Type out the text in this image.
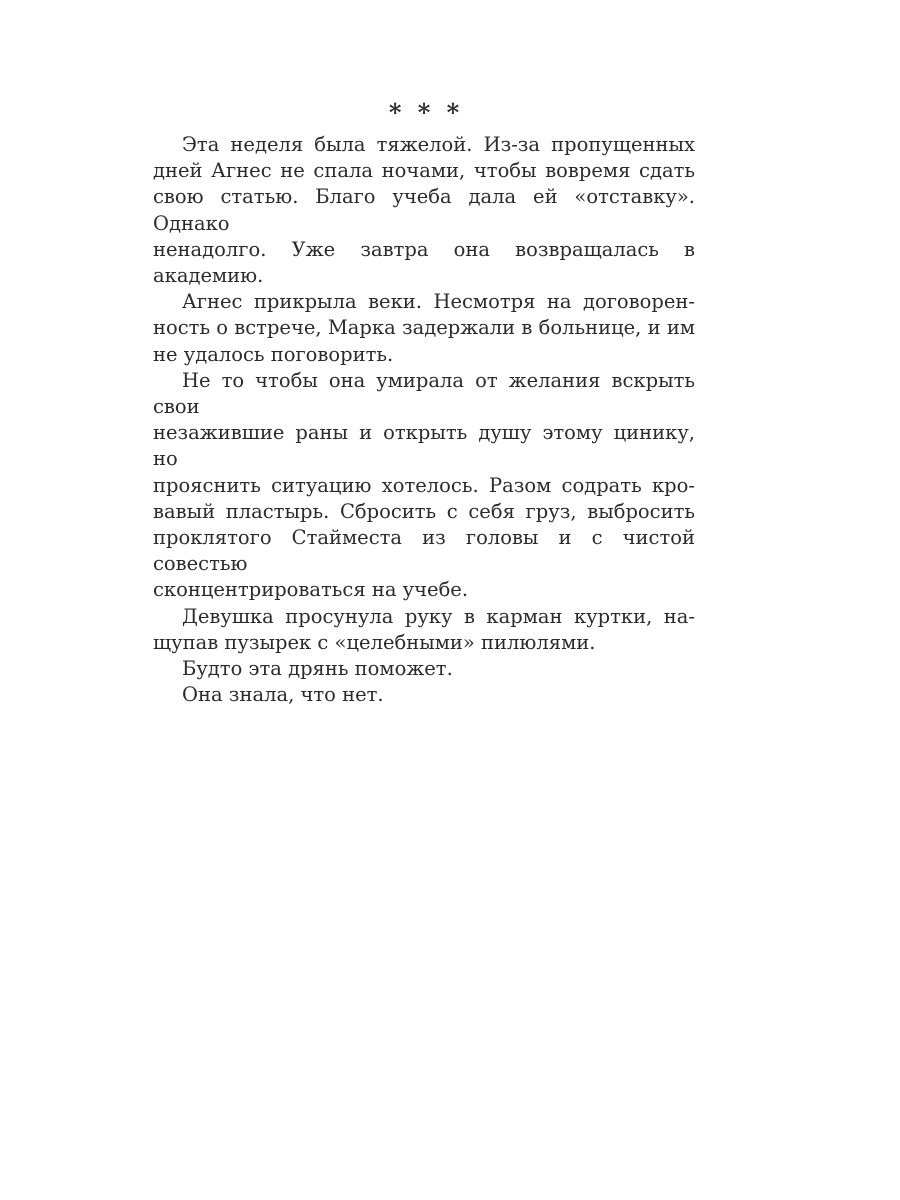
* * *

Эта неделя была тяжелой. Из-за пропущенных
дней Агнес не спала ночами, чтобы вовремя сдать
свою статью. Благо учеба дала ей «отставку». Однако
ненадолго. Уже завтра она возвращалась в академию.

Агнес прикрыла веки. Несмотря на договорен-
ность о встрече, Марка задержали в больнице, и им
не удалось поговорить.

Не то чтобы она умирала от желания вскрыть свои
незажившие раны и открыть душу этому цинику, но
прояснить ситуацию хотелось. Разом содрать кро-
вавый пластырь. Сбросить с себя груз, выбросить
проклятого Стайместа из головы и с чистой совестью
сконцентрироваться на учебе.

Девушка просунула руку в карман куртки, на-
щупав пузырек с «целебными» пилюлями.

Будто эта дрянь поможет.

Она знала, что нет.
